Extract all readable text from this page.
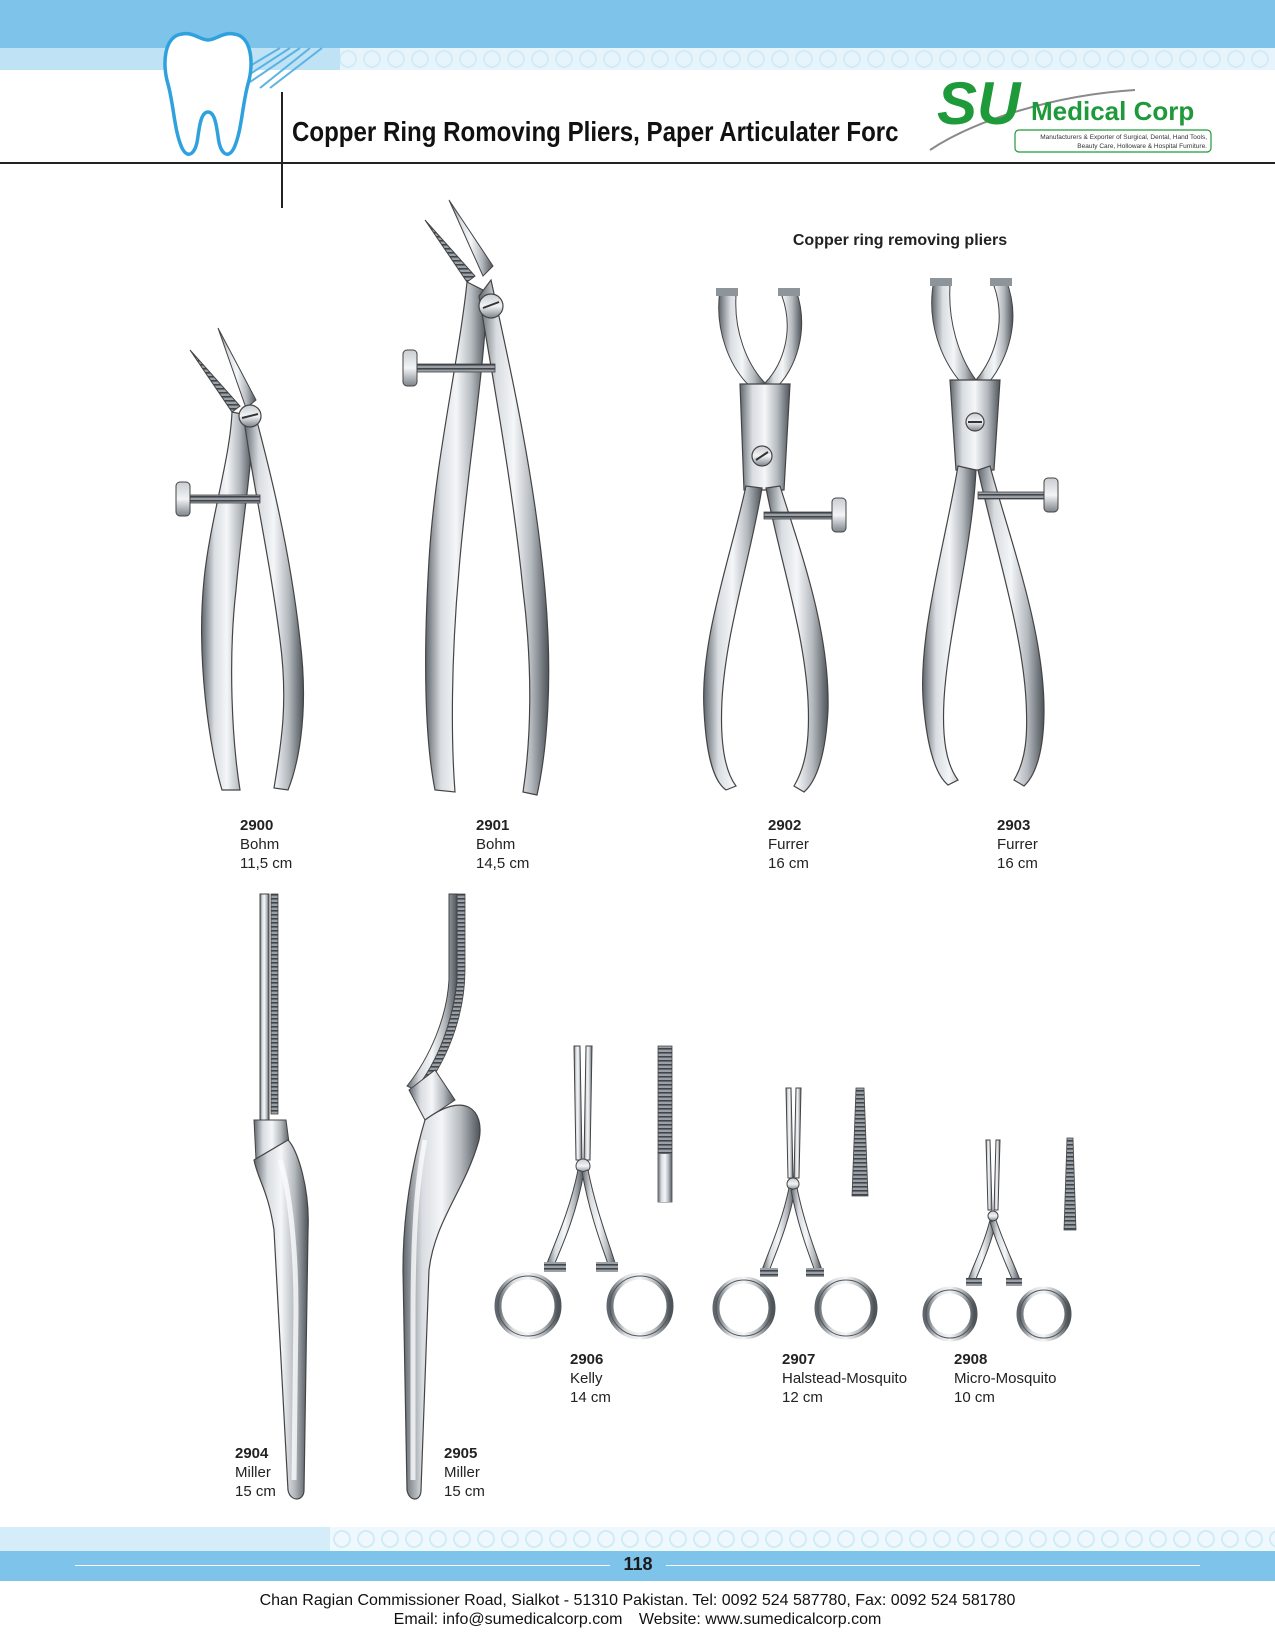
Copper Ring Romoving Pliers, Paper Articulater Forc SU Medical Corp
Manufacturers & Exporter of Surgical, Dental, Hand Tools,
Beauty Care, Holloware & Hospital Furniture.
Copper ring removing pliers
2900
Bohm
11,5 cm
2901
Bohm
14,5 cm
2902
Furrer
16 cm
2903
Furrer
16 cm
2904
Miller
15 cm
2905
Miller
15 cm
2906
Kelly
14 cm
2907
Halstead-Mosquito
12 cm
2908
Micro-Mosquito
10 cm
118
Chan Ragian Commissioner Road, Sialkot - 51310 Pakistan. Tel: 0092 524 587780, Fax: 0092 524 581780
Email: info@sumedicalcorp.com Website: www.sumedicalcorp.com
